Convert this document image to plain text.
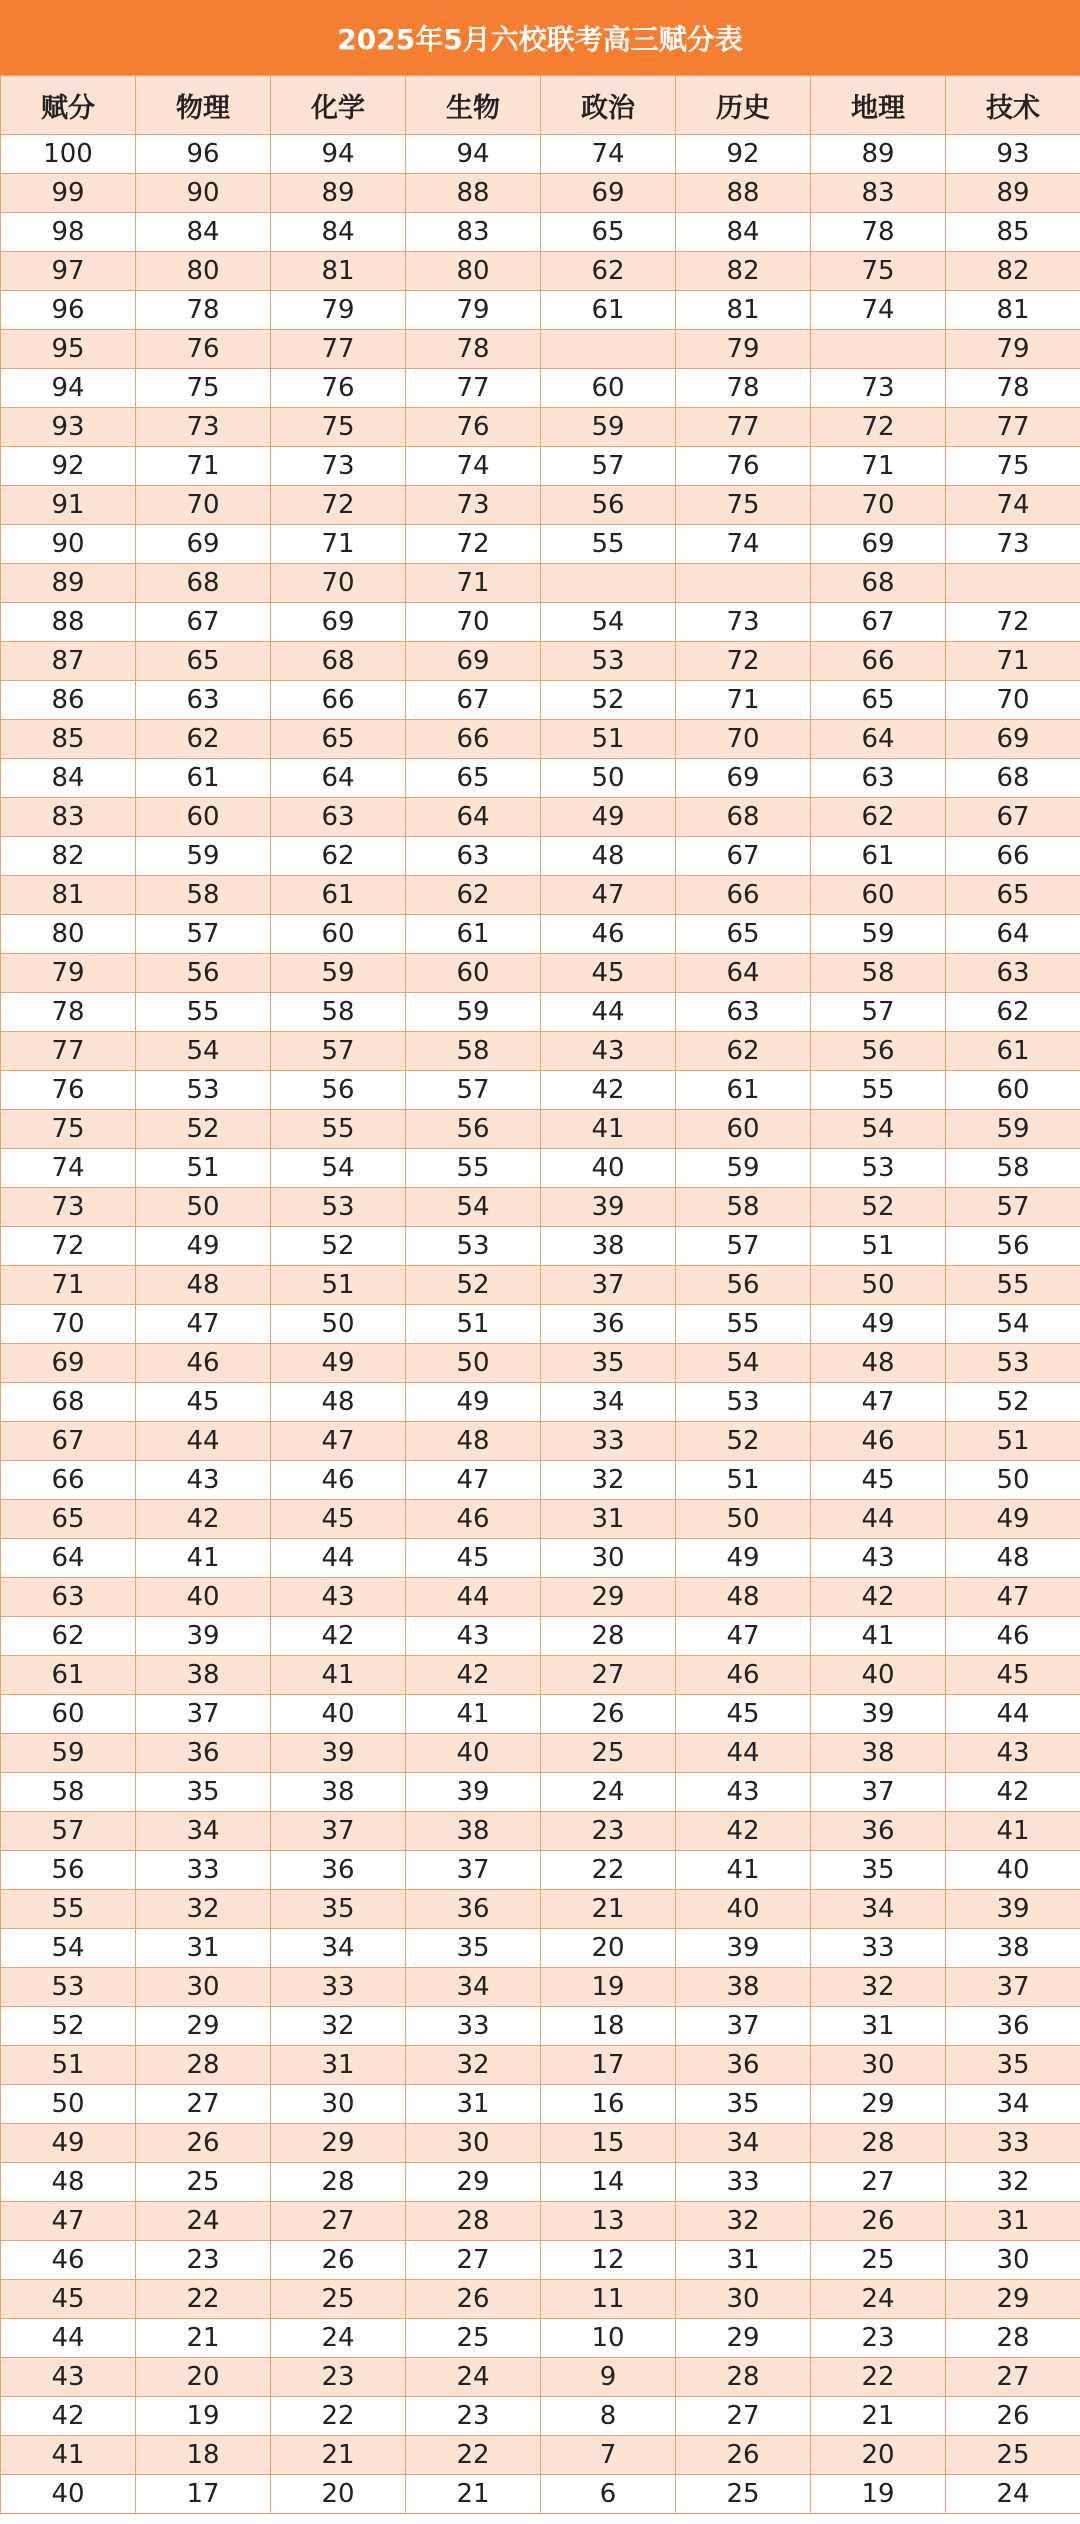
2025年5月六校联考高三赋分表
赋分	物理	化学	生物	政治	历史	地理	技术
100	96	94	94	74	92	89	93
99	90	89	88	69	88	83	89
98	84	84	83	65	84	78	85
97	80	81	80	62	82	75	82
96	78	79	79	61	81	74	81
95	76	77	78		79		79
94	75	76	77	60	78	73	78
93	73	75	76	59	77	72	77
92	71	73	74	57	76	71	75
91	70	72	73	56	75	70	74
90	69	71	72	55	74	69	73
89	68	70	71			68	
88	67	69	70	54	73	67	72
87	65	68	69	53	72	66	71
86	63	66	67	52	71	65	70
85	62	65	66	51	70	64	69
84	61	64	65	50	69	63	68
83	60	63	64	49	68	62	67
82	59	62	63	48	67	61	66
81	58	61	62	47	66	60	65
80	57	60	61	46	65	59	64
79	56	59	60	45	64	58	63
78	55	58	59	44	63	57	62
77	54	57	58	43	62	56	61
76	53	56	57	42	61	55	60
75	52	55	56	41	60	54	59
74	51	54	55	40	59	53	58
73	50	53	54	39	58	52	57
72	49	52	53	38	57	51	56
71	48	51	52	37	56	50	55
70	47	50	51	36	55	49	54
69	46	49	50	35	54	48	53
68	45	48	49	34	53	47	52
67	44	47	48	33	52	46	51
66	43	46	47	32	51	45	50
65	42	45	46	31	50	44	49
64	41	44	45	30	49	43	48
63	40	43	44	29	48	42	47
62	39	42	43	28	47	41	46
61	38	41	42	27	46	40	45
60	37	40	41	26	45	39	44
59	36	39	40	25	44	38	43
58	35	38	39	24	43	37	42
57	34	37	38	23	42	36	41
56	33	36	37	22	41	35	40
55	32	35	36	21	40	34	39
54	31	34	35	20	39	33	38
53	30	33	34	19	38	32	37
52	29	32	33	18	37	31	36
51	28	31	32	17	36	30	35
50	27	30	31	16	35	29	34
49	26	29	30	15	34	28	33
48	25	28	29	14	33	27	32
47	24	27	28	13	32	26	31
46	23	26	27	12	31	25	30
45	22	25	26	11	30	24	29
44	21	24	25	10	29	23	28
43	20	23	24	9	28	22	27
42	19	22	23	8	27	21	26
41	18	21	22	7	26	20	25
40	17	20	21	6	25	19	24
